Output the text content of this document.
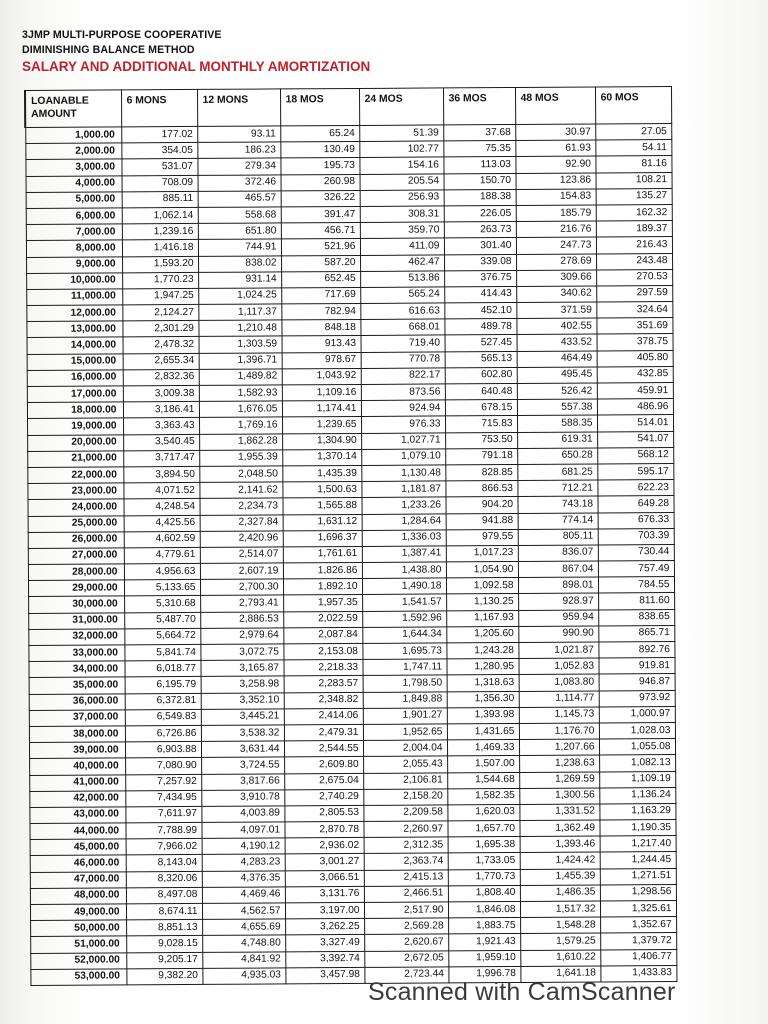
3JMP MULTI-PURPOSE COOPERATIVE
DIMINISHING BALANCE METHOD
SALARY AND ADDITIONAL MONTHLY AMORTIZATION
LOANABLE
AMOUNT	6 MONS	12 MONS	18 MOS	24 MOS	36 MOS	48 MOS	60 MOS
1,000.00	177.02	93.11	65.24	51.39	37.68	30.97	27.05
2,000.00	354.05	186.23	130.49	102.77	75.35	61.93	54.11
3,000.00	531.07	279.34	195.73	154.16	113.03	92.90	81.16
4,000.00	708.09	372.46	260.98	205.54	150.70	123.86	108.21
5,000.00	885.11	465.57	326.22	256.93	188.38	154.83	135.27
6,000.00	1,062.14	558.68	391.47	308.31	226.05	185.79	162.32
7,000.00	1,239.16	651.80	456.71	359.70	263.73	216.76	189.37
8,000.00	1,416.18	744.91	521.96	411.09	301.40	247.73	216.43
9,000.00	1,593.20	838.02	587.20	462.47	339.08	278.69	243.48
10,000.00	1,770.23	931.14	652.45	513.86	376.75	309.66	270.53
11,000.00	1,947.25	1,024.25	717.69	565.24	414.43	340.62	297.59
12,000.00	2,124.27	1,117.37	782.94	616.63	452.10	371.59	324.64
13,000.00	2,301.29	1,210.48	848.18	668.01	489.78	402.55	351.69
14,000.00	2,478.32	1,303.59	913.43	719.40	527.45	433.52	378.75
15,000.00	2,655.34	1,396.71	978.67	770.78	565.13	464.49	405.80
16,000.00	2,832.36	1,489.82	1,043.92	822.17	602.80	495.45	432.85
17,000.00	3,009.38	1,582.93	1,109.16	873.56	640.48	526.42	459.91
18,000.00	3,186.41	1,676.05	1,174.41	924.94	678.15	557.38	486.96
19,000.00	3,363.43	1,769.16	1,239.65	976.33	715.83	588.35	514.01
20,000.00	3,540.45	1,862.28	1,304.90	1,027.71	753.50	619.31	541.07
21,000.00	3,717.47	1,955.39	1,370.14	1,079.10	791.18	650.28	568.12
22,000.00	3,894.50	2,048.50	1,435.39	1,130.48	828.85	681.25	595.17
23,000.00	4,071.52	2,141.62	1,500.63	1,181.87	866.53	712.21	622.23
24,000.00	4,248.54	2,234.73	1,565.88	1,233.26	904.20	743.18	649.28
25,000.00	4,425.56	2,327.84	1,631.12	1,284.64	941.88	774.14	676.33
26,000.00	4,602.59	2,420.96	1,696.37	1,336.03	979.55	805.11	703.39
27,000.00	4,779.61	2,514.07	1,761.61	1,387.41	1,017.23	836.07	730.44
28,000.00	4,956.63	2,607.19	1,826.86	1,438.80	1,054.90	867.04	757.49
29,000.00	5,133.65	2,700.30	1,892.10	1,490.18	1,092.58	898.01	784.55
30,000.00	5,310.68	2,793.41	1,957.35	1,541.57	1,130.25	928.97	811.60
31,000.00	5,487.70	2,886.53	2,022.59	1,592.96	1,167.93	959.94	838.65
32,000.00	5,664.72	2,979.64	2,087.84	1,644.34	1,205.60	990.90	865.71
33,000.00	5,841.74	3,072.75	2,153.08	1,695.73	1,243.28	1,021.87	892.76
34,000.00	6,018.77	3,165.87	2,218.33	1,747.11	1,280.95	1,052.83	919.81
35,000.00	6,195.79	3,258.98	2,283.57	1,798.50	1,318.63	1,083.80	946.87
36,000.00	6,372.81	3,352.10	2,348.82	1,849.88	1,356.30	1,114.77	973.92
37,000.00	6,549.83	3,445.21	2,414.06	1,901.27	1,393.98	1,145.73	1,000.97
38,000.00	6,726.86	3,538.32	2,479.31	1,952.65	1,431.65	1,176.70	1,028.03
39,000.00	6,903.88	3,631.44	2,544.55	2,004.04	1,469.33	1,207.66	1,055.08
40,000.00	7,080.90	3,724.55	2,609.80	2,055.43	1,507.00	1,238.63	1,082.13
41,000.00	7,257.92	3,817.66	2,675.04	2,106.81	1,544.68	1,269.59	1,109.19
42,000.00	7,434.95	3,910.78	2,740.29	2,158.20	1,582.35	1,300.56	1,136.24
43,000.00	7,611.97	4,003.89	2,805.53	2,209.58	1,620.03	1,331.52	1,163.29
44,000.00	7,788.99	4,097.01	2,870.78	2,260.97	1,657.70	1,362.49	1,190.35
45,000.00	7,966.02	4,190.12	2,936.02	2,312.35	1,695.38	1,393.46	1,217.40
46,000.00	8,143.04	4,283.23	3,001.27	2,363.74	1,733.05	1,424.42	1,244.45
47,000.00	8,320.06	4,376.35	3,066.51	2,415.13	1,770.73	1,455.39	1,271.51
48,000.00	8,497.08	4,469.46	3,131.76	2,466.51	1,808.40	1,486.35	1,298.56
49,000.00	8,674.11	4,562.57	3,197.00	2,517.90	1,846.08	1,517.32	1,325.61
50,000.00	8,851.13	4,655.69	3,262.25	2,569.28	1,883.75	1,548.28	1,352.67
51,000.00	9,028.15	4,748.80	3,327.49	2,620.67	1,921.43	1,579.25	1,379.72
52,000.00	9,205.17	4,841.92	3,392.74	2,672.05	1,959.10	1,610.22	1,406.77
53,000.00	9,382.20	4,935.03	3,457.98	2,723.44	1,996.78	1,641.18	1,433.83
Scanned with CamScanner
